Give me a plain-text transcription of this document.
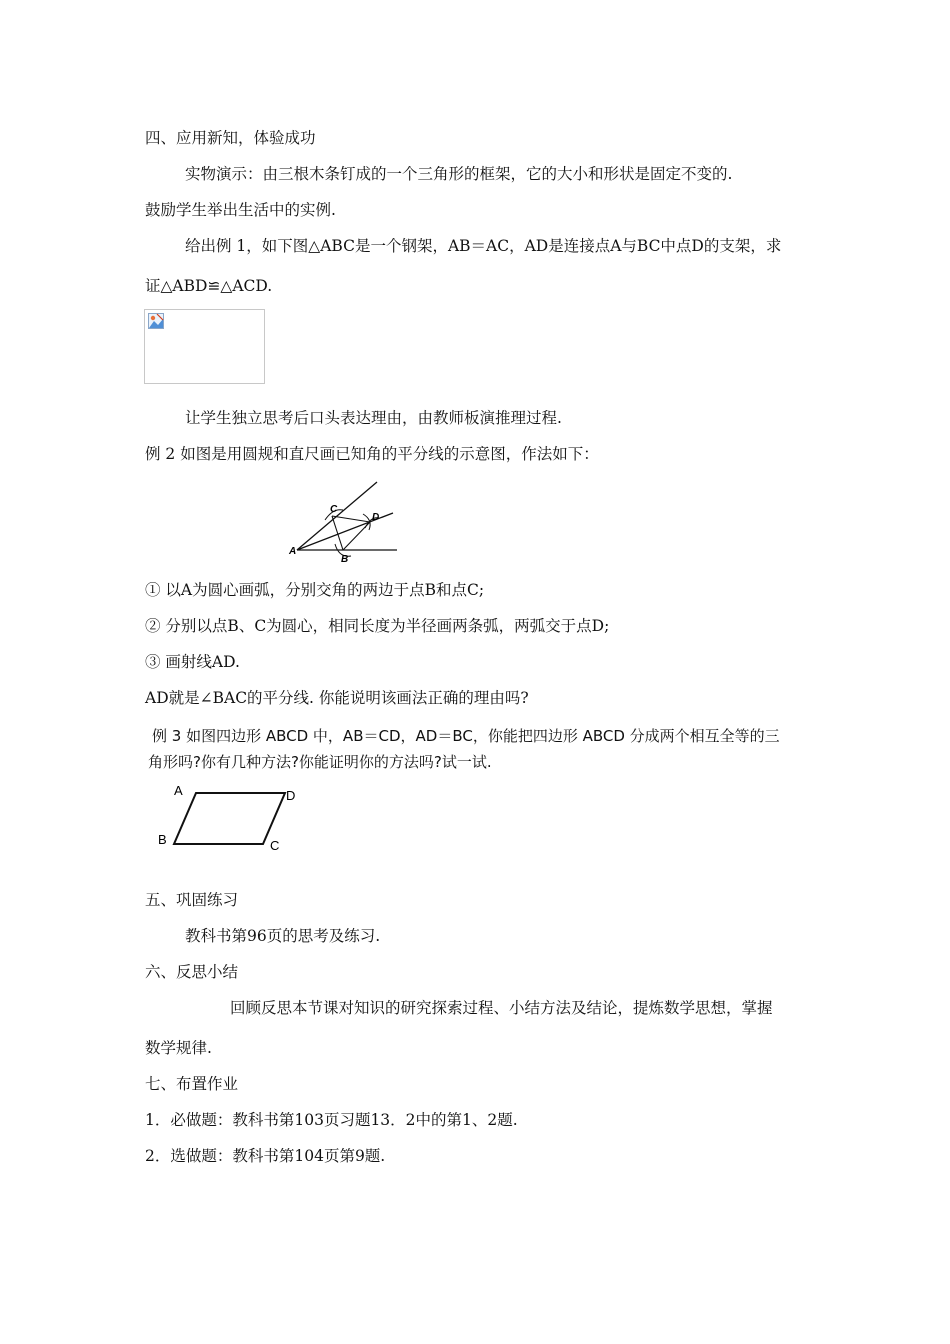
四、应用新知，体验成功
实物演示：由三根木条钉成的一个三角形的框架，它的大小和形状是固定不变的.
鼓励学生举出生活中的实例.
给出例 1，如下图△ABC是一个钢架，AB＝AC，AD是连接点A与BC中点D的支架，求
证△ABD≌△ACD.
让学生独立思考后口头表达理由，由教师板演推理过程.
例 2 如图是用圆规和直尺画已知角的平分线的示意图，作法如下：
A
B
C
D
① 以A为圆心画弧，分别交角的两边于点B和点C;
② 分别以点B、C为圆心，相同长度为半径画两条弧，两弧交于点D;
③ 画射线AD.
AD就是∠BAC的平分线. 你能说明该画法正确的理由吗?
例 3 如图四边形 ABCD 中，AB＝CD，AD＝BC，你能把四边形 ABCD 分成两个相互全等的三
角形吗?你有几种方法?你能证明你的方法吗?试一试.
A	D
B	C
五、巩固练习
教科书第96页的思考及练习.
六、反思小结
回顾反思本节课对知识的研究探索过程、小结方法及结论，提炼数学思想，掌握
数学规律.
七、布置作业
1．必做题：教科书第103页习题13．2中的第1、2题.
2．选做题：教科书第104页第9题.
